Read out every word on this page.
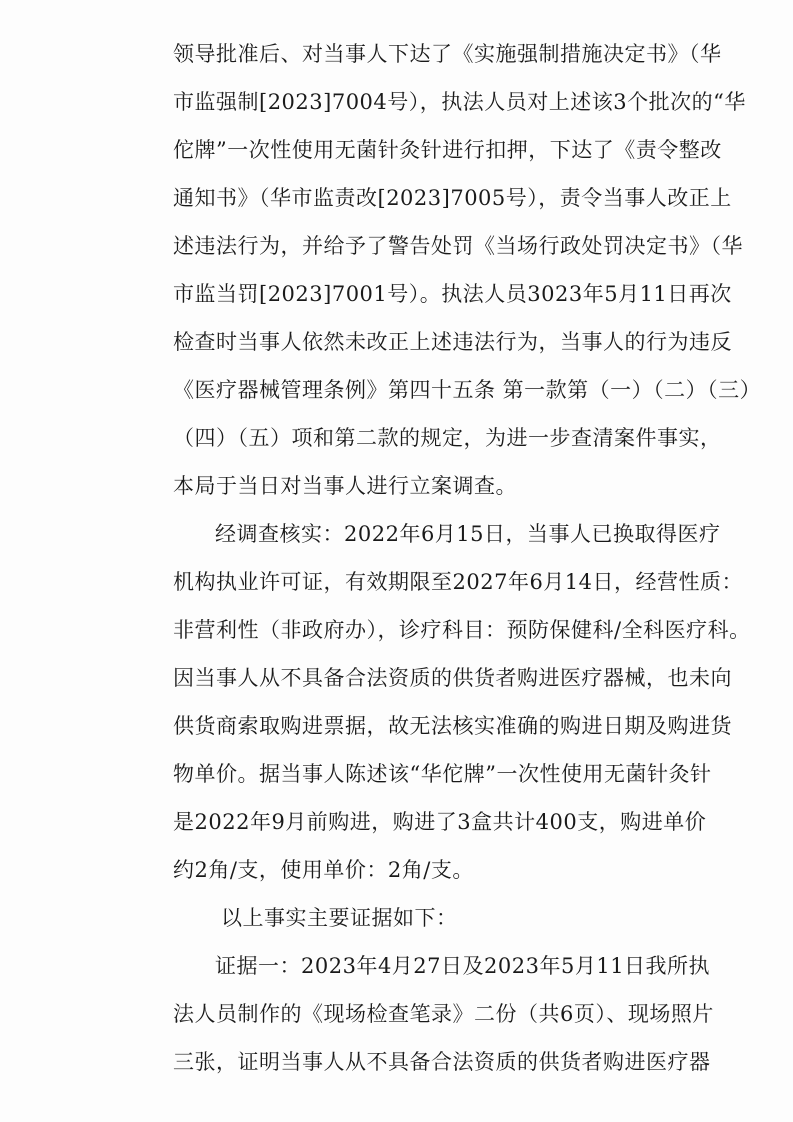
领导批准后、对当事人下达了《实施强制措施决定书》（华
市监强制[2023]7004号），执法人员对上述该3个批次的“华
佗牌”一次性使用无菌针灸针进行扣押，下达了《责令整改
通知书》（华市监责改[2023]7005号），责令当事人改正上
述违法行为，并给予了警告处罚《当场行政处罚决定书》（华
市监当罚[2023]7001号）。执法人员3023年5月11日再次
检查时当事人依然未改正上述违法行为，当事人的行为违反
《医疗器械管理条例》第四十五条 第一款第（一）（二）（三）
（四）（五）项和第二款的规定，为进一步查清案件事实，
本局于当日对当事人进行立案调查。
经调查核实：2022年6月15日，当事人已换取得医疗
机构执业许可证，有效期限至2027年6月14日，经营性质：
非营利性（非政府办），诊疗科目：预防保健科/全科医疗科。
因当事人从不具备合法资质的供货者购进医疗器械，也未向
供货商索取购进票据，故无法核实准确的购进日期及购进货
物单价。据当事人陈述该“华佗牌”一次性使用无菌针灸针
是2022年9月前购进，购进了3盒共计400支，购进单价
约2角/支，使用单价：2角/支。
以上事实主要证据如下：
证据一：2023年4月27日及2023年5月11日我所执
法人员制作的《现场检查笔录》二份（共6页）、现场照片
三张，证明当事人从不具备合法资质的供货者购进医疗器
